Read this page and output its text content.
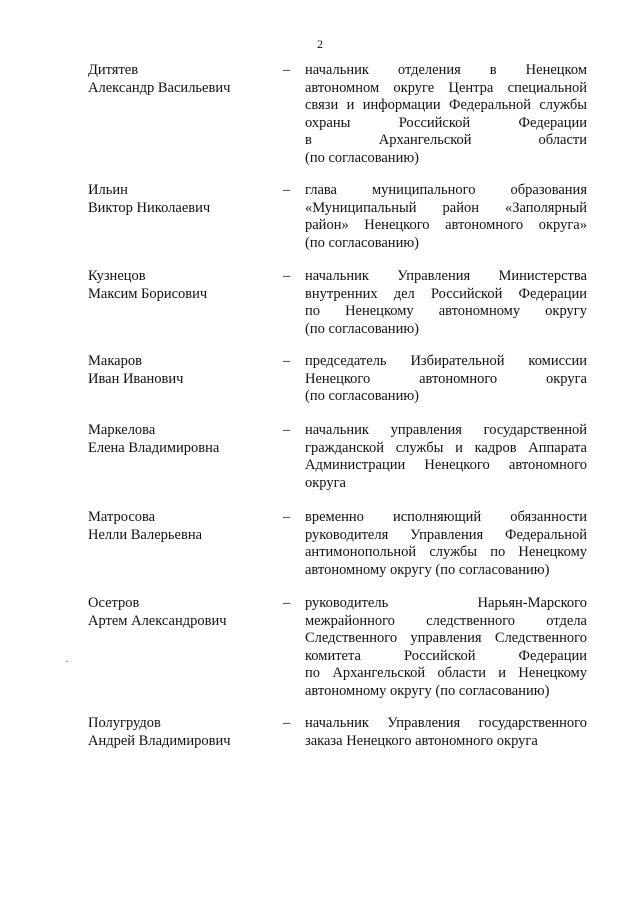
2
Дитятев
Александр Васильевич
– начальник отделения в Ненецком
автономном округе Центра специальной
связи и информации Федеральной службы
охраны Российской Федерации
в Архангельской области
(по согласованию)
Ильин
Виктор Николаевич
– глава муниципального образования
«Муниципальный район «Заполярный
район» Ненецкого автономного округа»
(по согласованию)
Кузнецов
Максим Борисович
– начальник Управления Министерства
внутренних дел Российской Федерации
по Ненецкому автономному округу
(по согласованию)
Макаров
Иван Иванович
– председатель Избирательной комиссии
Ненецкого автономного округа
(по согласованию)
Маркелова
Елена Владимировна
– начальник управления государственной
гражданской службы и кадров Аппарата
Администрации Ненецкого автономного
округа
Матросова
Нелли Валерьевна
– временно исполняющий обязанности
руководителя Управления Федеральной
антимонопольной службы по Ненецкому
автономному округу (по согласованию)
Осетров
Артем Александрович
– руководитель Нарьян-Марского
межрайонного следственного отдела
Следственного управления Следственного
комитета Российской Федерации
по Архангельской области и Ненецкому
автономному округу (по согласованию)
Полугрудов
Андрей Владимирович
– начальник Управления государственного
заказа Ненецкого автономного округа
